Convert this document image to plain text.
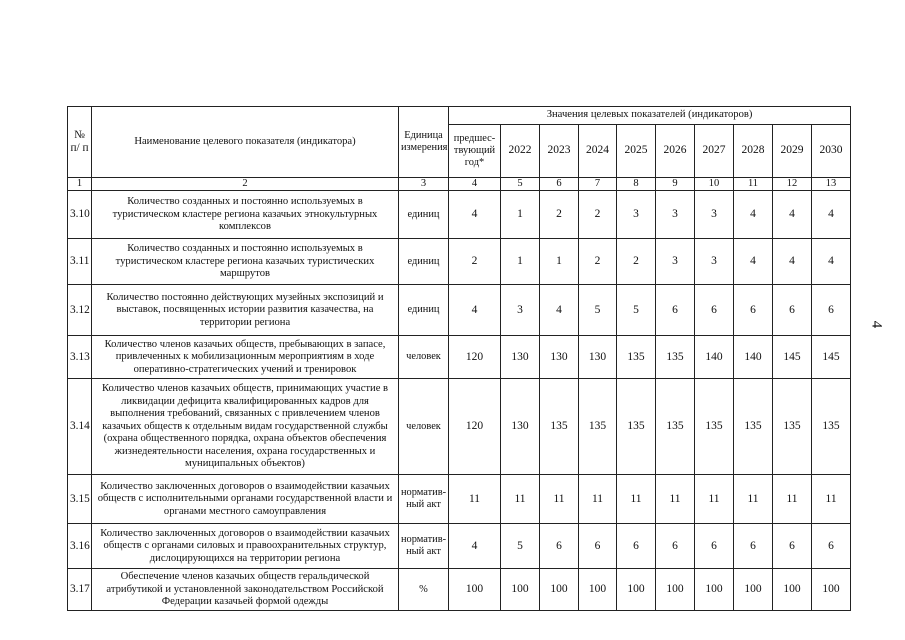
4
№ п/ п	Наименование целевого показателя (индикатора)	Единица измерения	Значения целевых показателей (индикаторов)									
			предшес-твующий год*	2022	2023	2024	2025	2026	2027	2028	2029	2030
1	2	3	4	5	6	7	8	9	10	11	12	13
3.10	Количество созданных и постоянно используемых в туристическом кластере региона казачьих этнокультурных комплексов	единиц	4	1	2	2	3	3	3	4	4	4
3.11	Количество созданных и постоянно используемых в туристическом кластере региона казачьих туристических маршрутов	единиц	2	1	1	2	2	3	3	4	4	4
3.12	Количество постоянно действующих музейных экспозиций и выставок, посвященных истории развития казачества, на территории региона	единиц	4	3	4	5	5	6	6	6	6	6
3.13	Количество членов казачьих обществ, пребывающих в запасе, привлеченных к мобилизационным мероприятиям в ходе оперативно-стратегических учений и тренировок	человек	120	130	130	130	135	135	140	140	145	145
3.14	Количество членов казачьих обществ, принимающих участие в ликвидации дефицита квалифицированных кадров для выполнения требований, связанных с привлечением членов казачьих обществ к отдельным видам государственной службы (охрана общественного порядка, охрана объектов обеспечения жизнедеятельности населения, охрана государственных и муниципальных объектов)	человек	120	130	135	135	135	135	135	135	135	135
3.15	Количество заключенных договоров о взаимодействии казачьих обществ с исполнительными органами государственной власти и органами местного самоуправления	норматив-ный акт	11	11	11	11	11	11	11	11	11	11
3.16	Количество заключенных договоров о взаимодействии казачьих обществ с органами силовых и правоохранительных структур, дислоцирующихся на территории региона	норматив-ный акт	4	5	6	6	6	6	6	6	6	6
3.17	Обеспечение членов казачьих обществ геральдической атрибутикой и установленной законодательством Российской Федерации казачьей формой одежды	%	100	100	100	100	100	100	100	100	100	100
